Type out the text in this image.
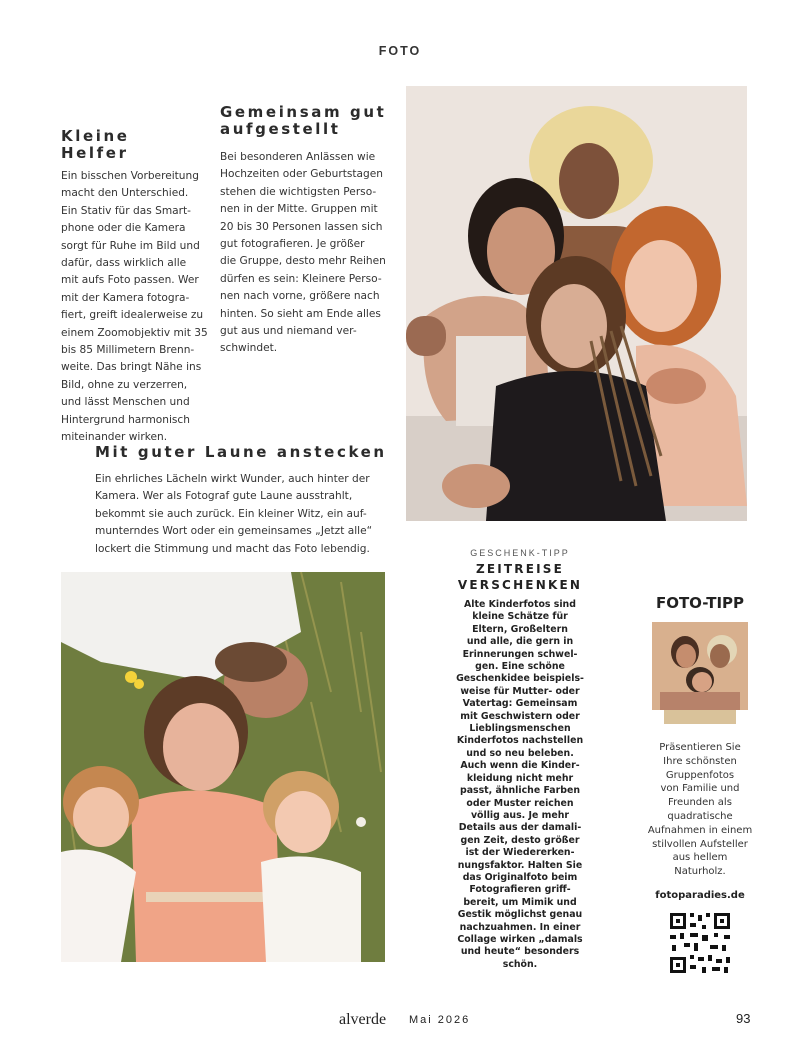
FOTO
Kleine
Helfer
Ein bisschen Vorbereitung
macht den Unterschied.
Ein Stativ für das Smart-
phone oder die Kamera
sorgt für Ruhe im Bild und
dafür, dass wirklich alle
mit aufs Foto passen. Wer
mit der Kamera fotogra-
fiert, greift idealerweise zu
einem Zoomobjektiv mit 35
bis 85 Millimetern Brenn-
weite. Das bringt Nähe ins
Bild, ohne zu verzerren,
und lässt Menschen und
Hintergrund harmonisch
miteinander wirken.
Gemeinsam gut
aufgestellt
Bei besonderen Anlässen wie
Hochzeiten oder Geburtstagen
stehen die wichtigsten Perso-
nen in der Mitte. Gruppen mit
20 bis 30 Personen lassen sich
gut fotografieren. Je größer
die Gruppe, desto mehr Reihen
dürfen es sein: Kleinere Perso-
nen nach vorne, größere nach
hinten. So sieht am Ende alles
gut aus und niemand ver-
schwindet.
Mit guter Laune anstecken
Ein ehrliches Lächeln wirkt Wunder, auch hinter der
Kamera. Wer als Fotograf gute Laune ausstrahlt,
bekommt sie auch zurück. Ein kleiner Witz, ein auf-
munterndes Wort oder ein gemeinsames „Jetzt alle“
lockert die Stimmung und macht das Foto lebendig.	GESCHENK-TIPP
ZEITREISE
VERSCHENKEN

Alte Kinderfotos sind
kleine Schätze für
Eltern, Großeltern
und alle, die gern in
Erinnerungen schwel-
gen. Eine schöne
Geschenkidee beispiels-
weise für Mutter- oder
Vatertag: Gemeinsam
mit Geschwistern oder
Lieblingsmenschen
Kinderfotos nachstellen
und so neu beleben.
Auch wenn die Kinder-
kleidung nicht mehr
passt, ähnliche Farben
oder Muster reichen
völlig aus. Je mehr
Details aus der damali-
gen Zeit, desto größer
ist der Wiedererken-
nungsfaktor. Halten Sie
das Originalfoto beim
Fotografieren griff-
bereit, um Mimik und
Gestik möglichst genau
nachzuahmen. In einer
Collage wirken „damals
und heute“ besonders
schön.

FOTO-TIPP

Präsentieren Sie
Ihre schönsten
Gruppenfotos
von Familie und
Freunden als
quadratische
Aufnahmen in einem
stilvollen Aufsteller
aus hellem
Naturholz.

fotoparadies.de

alverde Mai 2026	93
